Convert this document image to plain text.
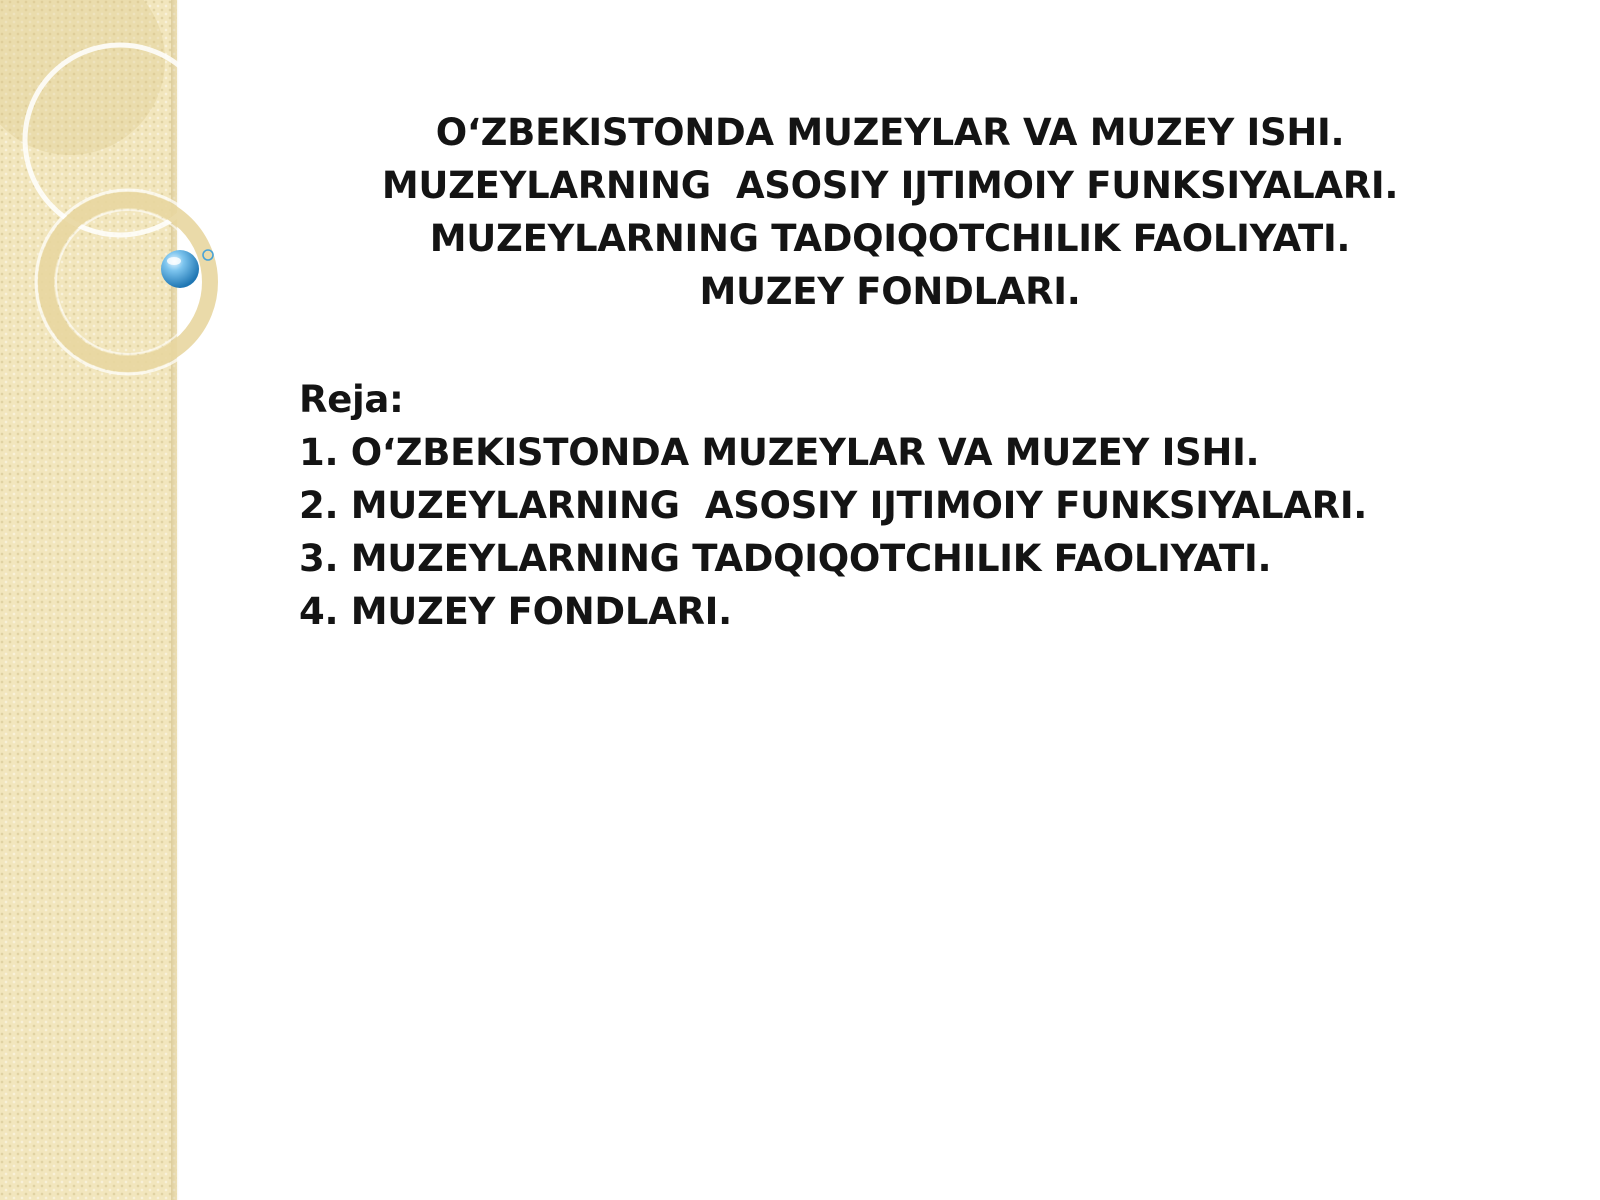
O‘ZBEKISTONDA MUZEYLAR VA MUZEY ISHI.
MUZEYLARNING  ASOSIY IJTIMOIY FUNKSIYALARI.
MUZEYLARNING TADQIQOTCHILIK FAOLIYATI.
MUZEY FONDLARI.
Reja:
1. O‘ZBEKISTONDA MUZEYLAR VA MUZEY ISHI.
2. MUZEYLARNING  ASOSIY IJTIMOIY FUNKSIYALARI.
3. MUZEYLARNING TADQIQOTCHILIK FAOLIYATI.
4. MUZEY FONDLARI.
